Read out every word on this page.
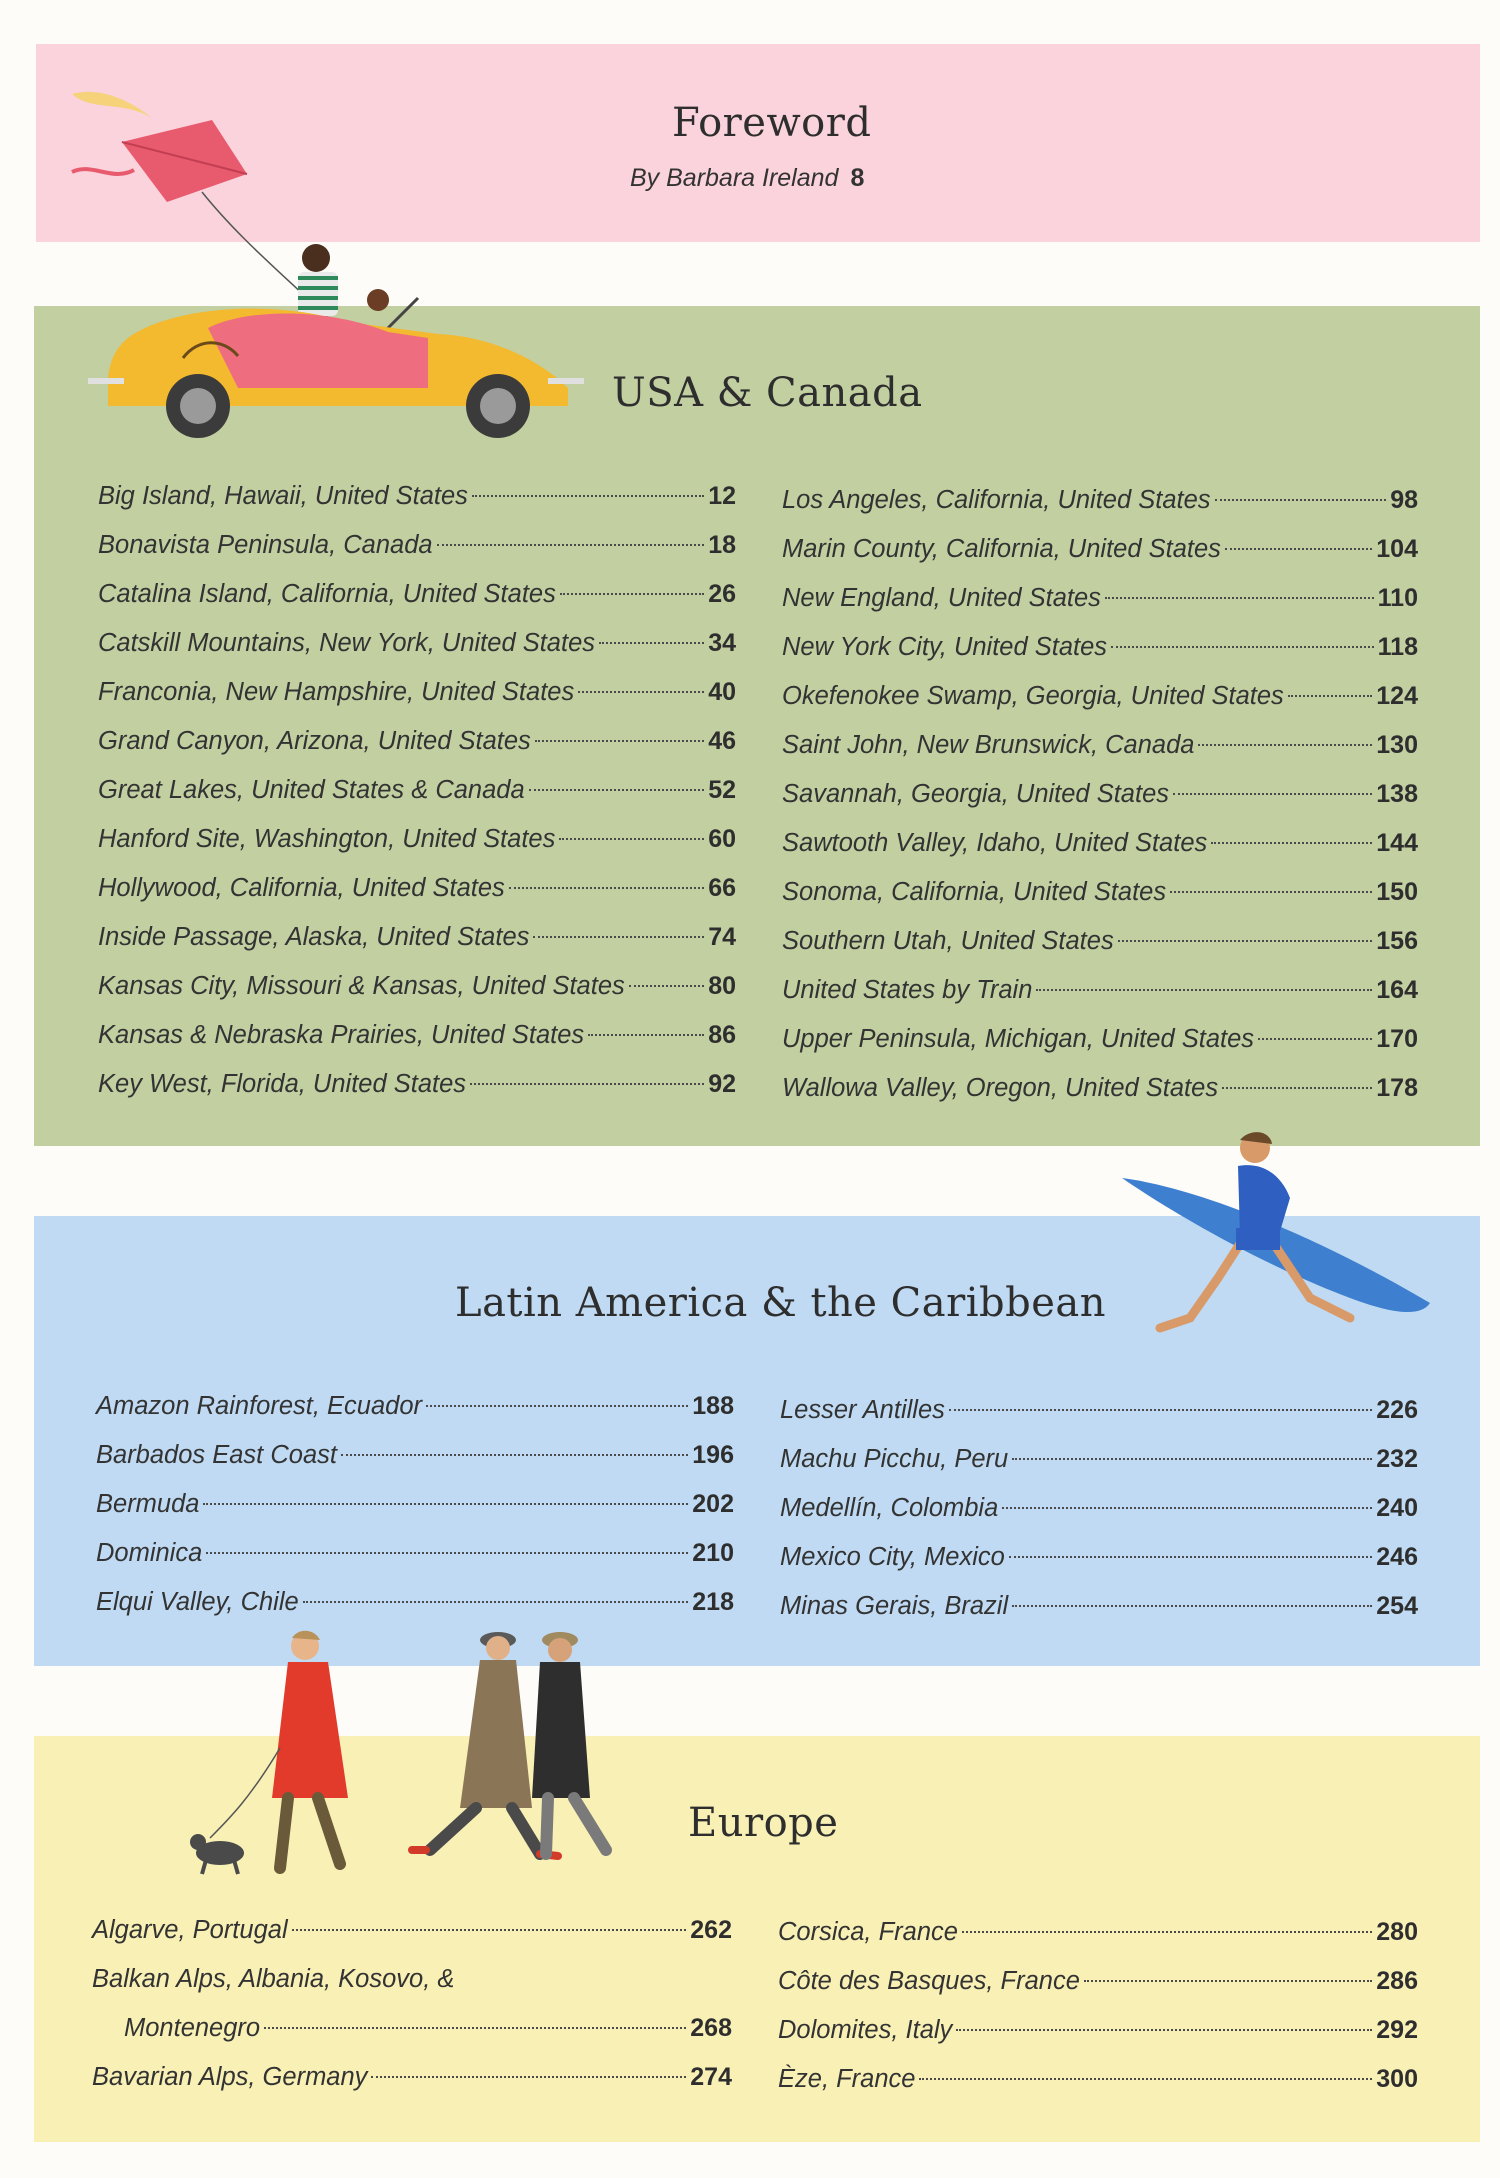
Foreword
By Barbara Ireland 8
USA & Canada
Big Island, Hawaii, United States	12
Bonavista Peninsula, Canada	18
Catalina Island, California, United States	26
Catskill Mountains, New York, United States	34
Franconia, New Hampshire, United States	40
Grand Canyon, Arizona, United States	46
Great Lakes, United States & Canada	52
Hanford Site, Washington, United States	60
Hollywood, California, United States	66
Inside Passage, Alaska, United States	74
Kansas City, Missouri & Kansas, United States	80
Kansas & Nebraska Prairies, United States	86
Key West, Florida, United States	92
Los Angeles, California, United States	98
Marin County, California, United States	104
New England, United States	110
New York City, United States	118
Okefenokee Swamp, Georgia, United States	124
Saint John, New Brunswick, Canada	130
Savannah, Georgia, United States	138
Sawtooth Valley, Idaho, United States	144
Sonoma, California, United States	150
Southern Utah, United States	156
United States by Train	164
Upper Peninsula, Michigan, United States	170
Wallowa Valley, Oregon, United States	178
Latin America & the Caribbean
Amazon Rainforest, Ecuador	188
Barbados East Coast	196
Bermuda	202
Dominica	210
Elqui Valley, Chile	218
Lesser Antilles	226
Machu Picchu, Peru	232
Medellín, Colombia	240
Mexico City, Mexico	246
Minas Gerais, Brazil	254
Europe
Algarve, Portugal	262
Balkan Alps, Albania, Kosovo, &
Montenegro	268
Bavarian Alps, Germany	274
Corsica, France	280
Côte des Basques, France	286
Dolomites, Italy	292
Èze, France	300
